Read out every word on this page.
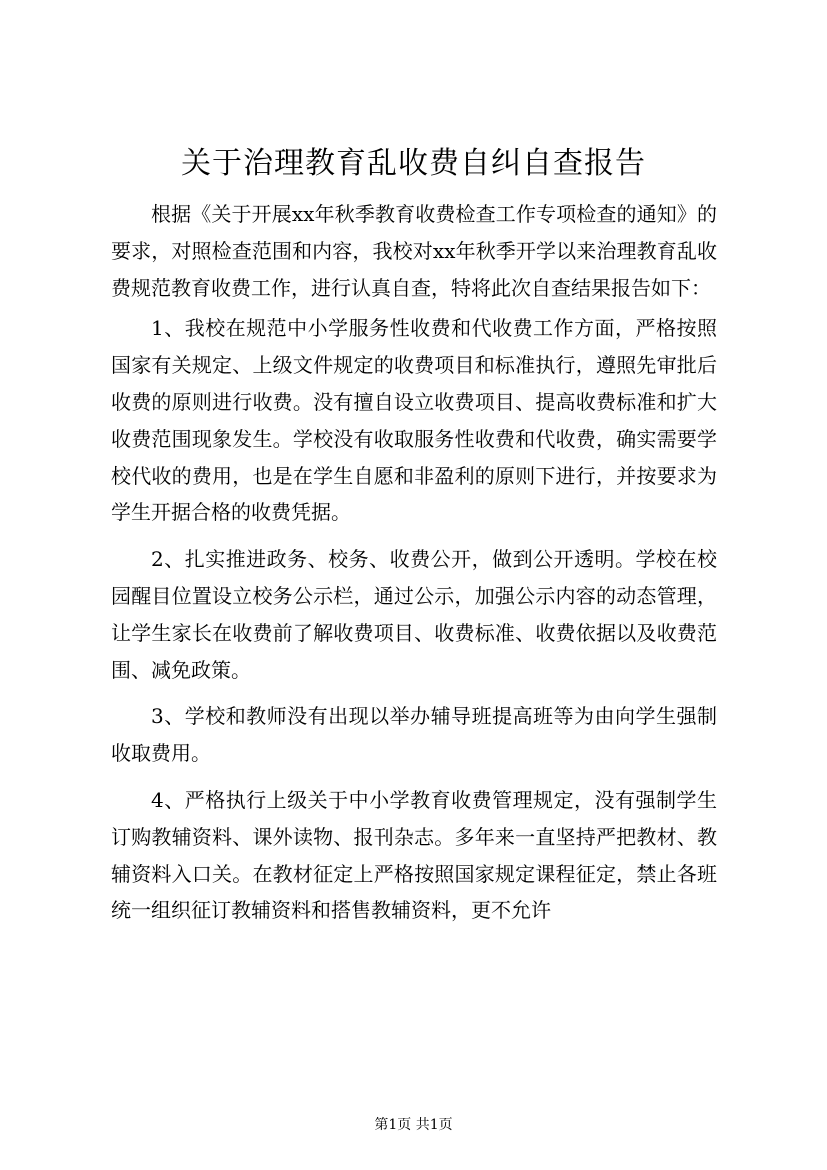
关于治理教育乱收费自纠自查报告

根据《关于开展xx年秋季教育收费检查工作专项检查的通知》的要求，对照检查范围和内容，我校对xx年秋季开学以来治理教育乱收费规范教育收费工作，进行认真自查，特将此次自查结果报告如下：

1、我校在规范中小学服务性收费和代收费工作方面，严格按照国家有关规定、上级文件规定的收费项目和标准执行，遵照先审批后收费的原则进行收费。没有擅自设立收费项目、提高收费标准和扩大收费范围现象发生。学校没有收取服务性收费和代收费，确实需要学校代收的费用，也是在学生自愿和非盈利的原则下进行，并按要求为学生开据合格的收费凭据。

2、扎实推进政务、校务、收费公开，做到公开透明。学校在校园醒目位置设立校务公示栏，通过公示，加强公示内容的动态管理，让学生家长在收费前了解收费项目、收费标准、收费依据以及收费范围、减免政策。

3、学校和教师没有出现以举办辅导班提高班等为由向学生强制收取费用。

4、严格执行上级关于中小学教育收费管理规定，没有强制学生订购教辅资料、课外读物、报刊杂志。多年来一直坚持严把教材、教辅资料入口关。在教材征定上严格按照国家规定课程征定，禁止各班统一组织征订教辅资料和搭售教辅资料，更不允许

第1页 共1页
